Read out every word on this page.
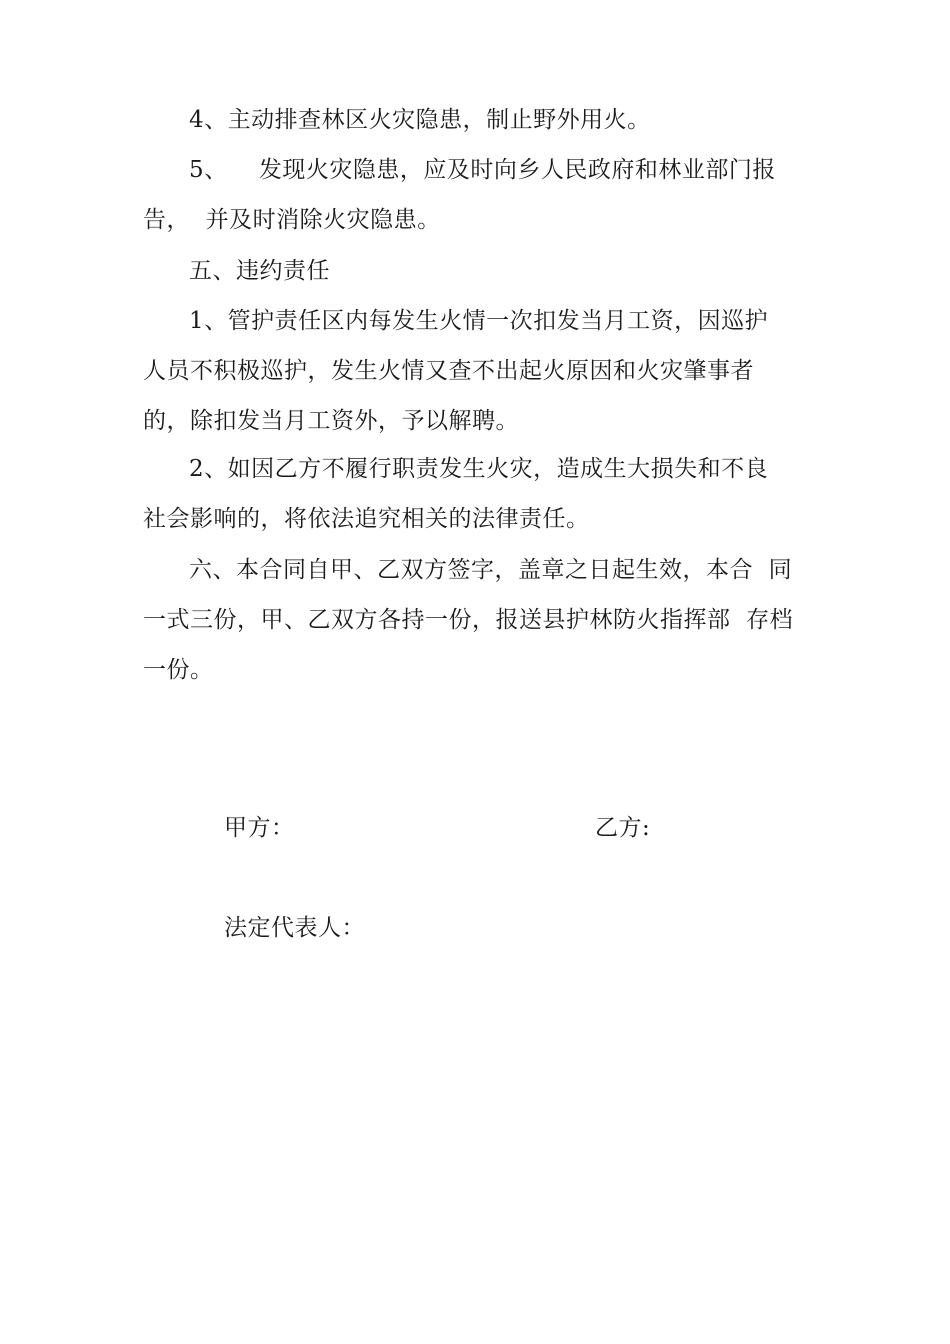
4、主动排查林区火灾隐患，制止野外用火。
5、    发现火灾隐患，应及时向乡人民政府和林业部门报
告，  并及时消除火灾隐患。
五、违约责任
1、管护责任区内每发生火情一次扣发当月工资，因巡护
人员不积极巡护，发生火情又查不出起火原因和火灾肇事者
的，除扣发当月工资外，予以解聘。
2、如因乙方不履行职责发生火灾，造成生大损失和不良
社会影响的，将依法追究相关的法律责任。
六、本合同自甲、乙双方签字，盖章之日起生效，本合  同
一式三份，甲、乙双方各持一份，报送县护林防火指挥部  存档
一份。
甲方：	乙方:
法定代表人：
